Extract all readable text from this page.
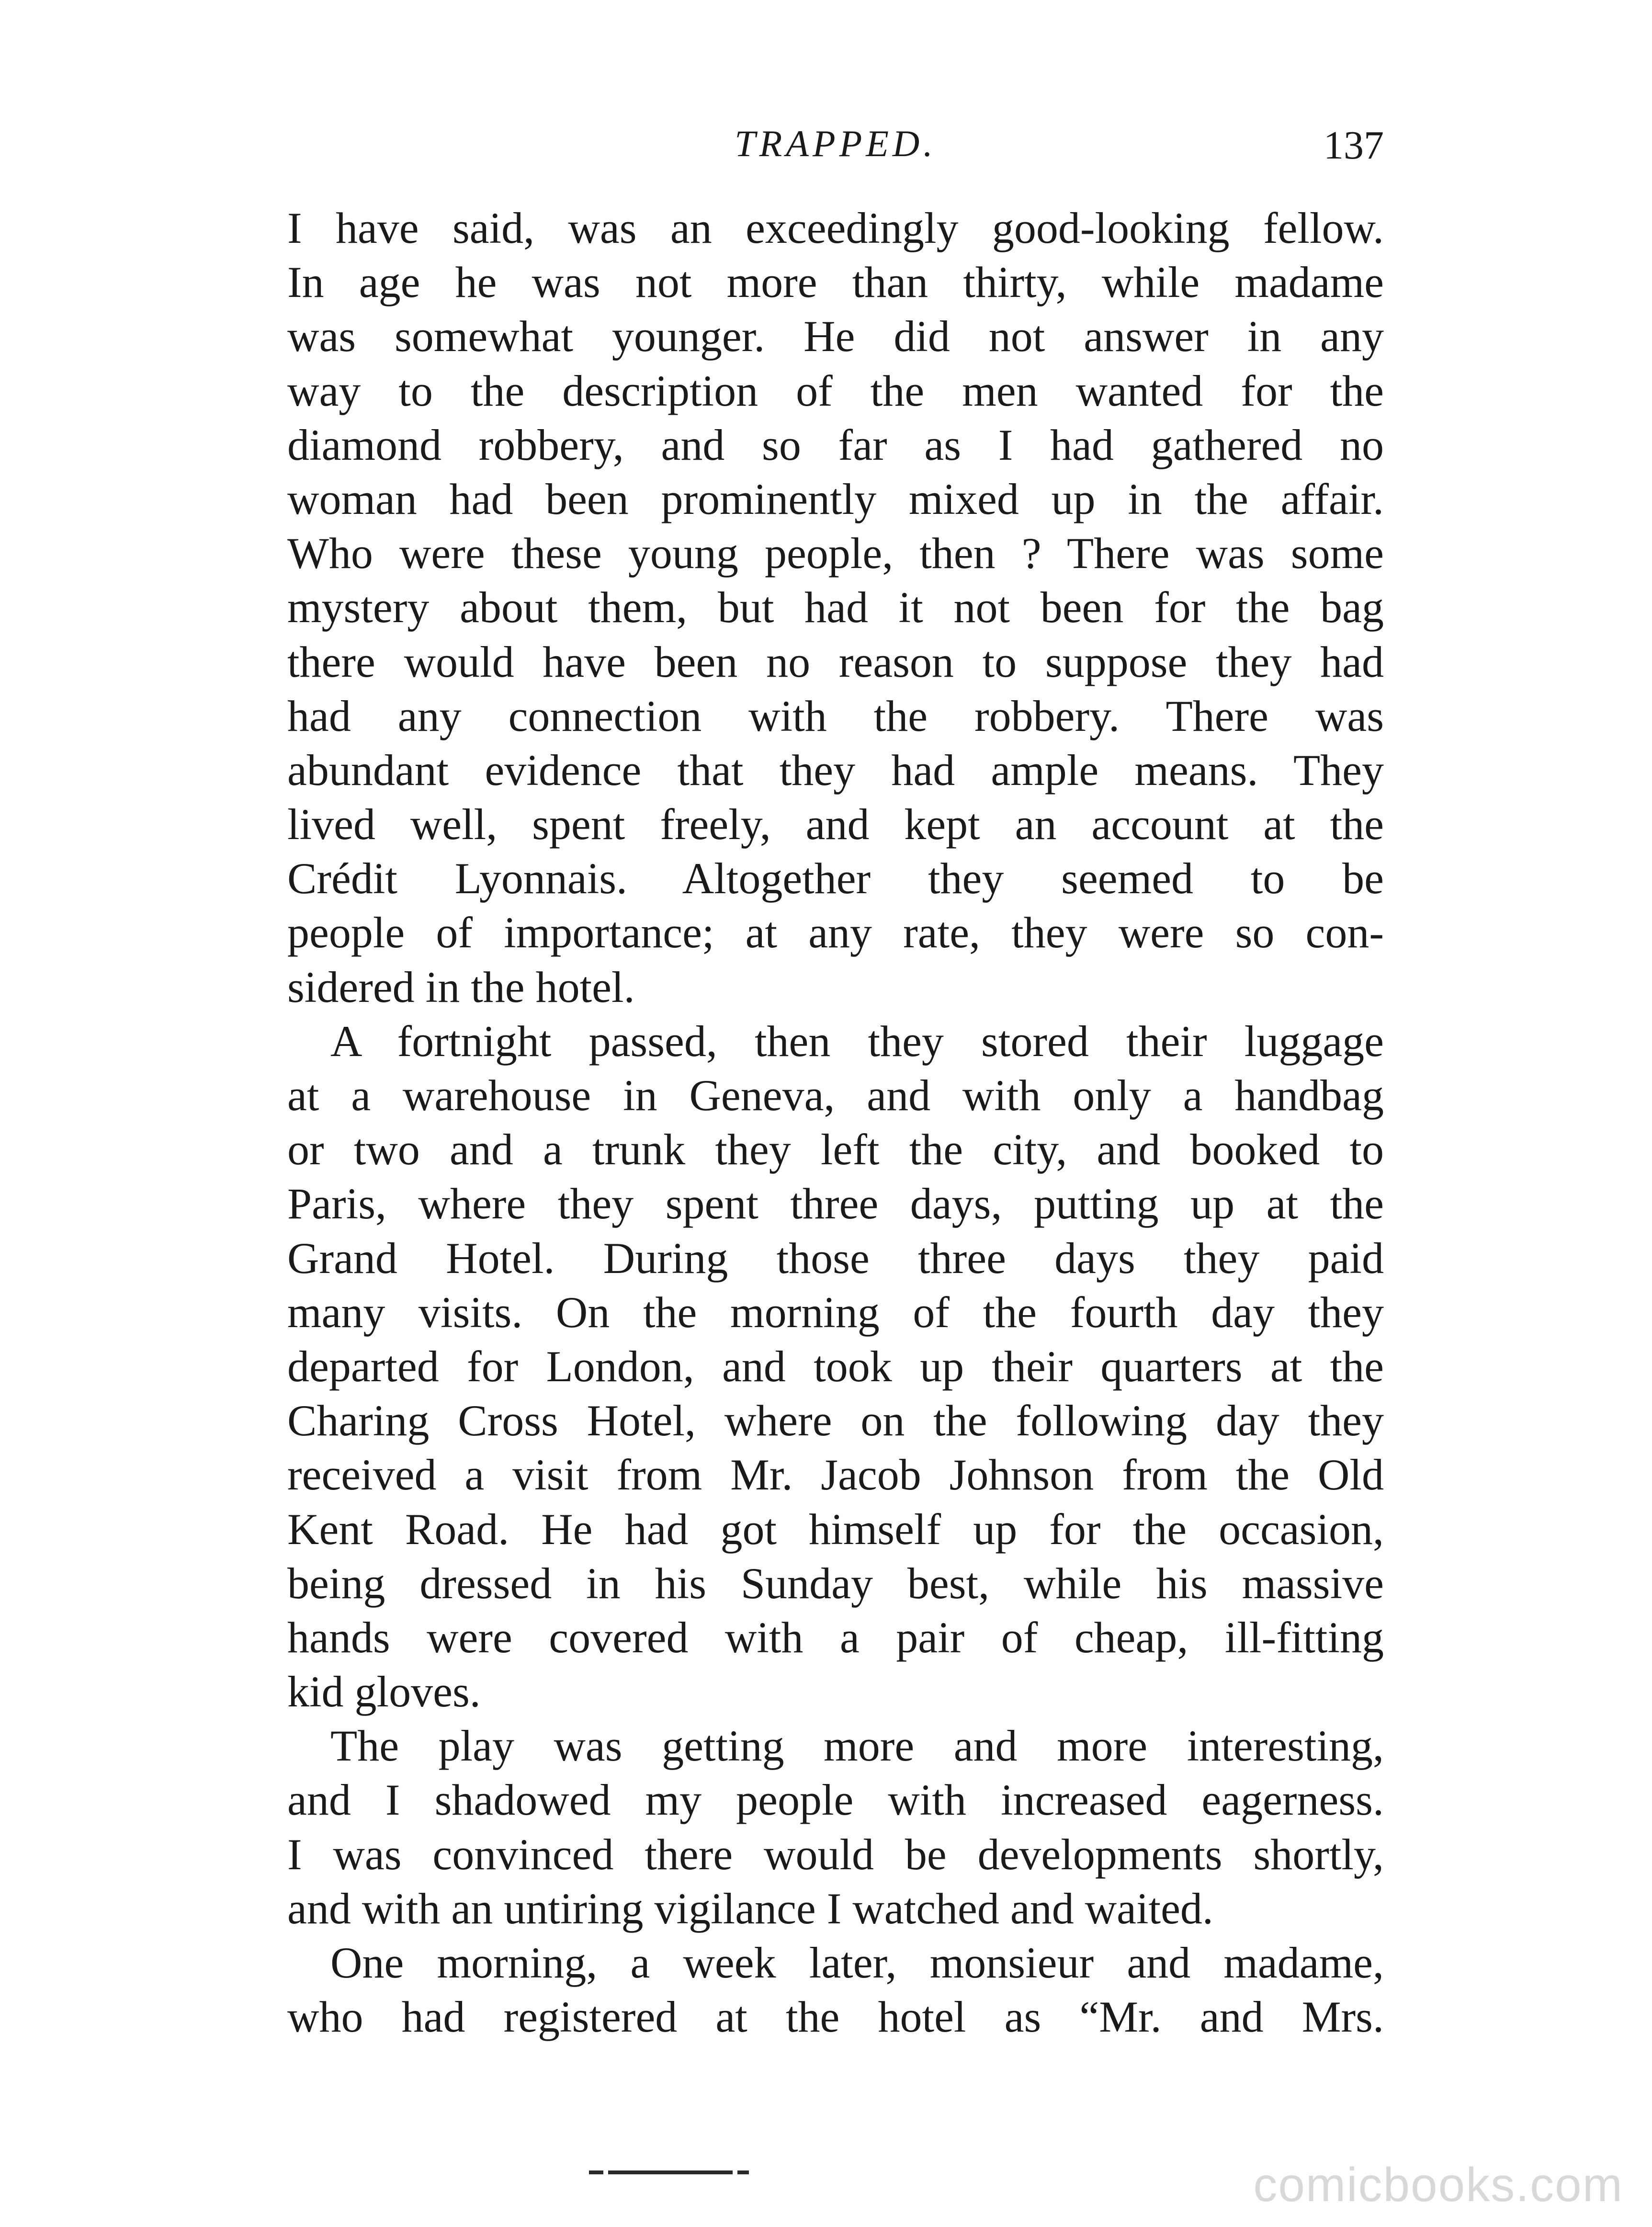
TRAPPED.	137
I have said, was an exceedingly good-looking fellow.
In age he was not more than thirty, while madame
was somewhat younger. He did not answer in any
way to the description of the men wanted for the
diamond robbery, and so far as I had gathered no
woman had been prominently mixed up in the affair.
Who were these young people, then ? There was some
mystery about them, but had it not been for the bag
there would have been no reason to suppose they had
had any connection with the robbery. There was
abundant evidence that they had ample means. They
lived well, spent freely, and kept an account at the
Crédit Lyonnais. Altogether they seemed to be
people of importance; at any rate, they were so con-
sidered in the hotel.
A fortnight passed, then they stored their luggage
at a warehouse in Geneva, and with only a handbag
or two and a trunk they left the city, and booked to
Paris, where they spent three days, putting up at the
Grand Hotel. During those three days they paid
many visits. On the morning of the fourth day they
departed for London, and took up their quarters at the
Charing Cross Hotel, where on the following day they
received a visit from Mr. Jacob Johnson from the Old
Kent Road. He had got himself up for the occasion,
being dressed in his Sunday best, while his massive
hands were covered with a pair of cheap, ill-fitting
kid gloves.
The play was getting more and more interesting,
and I shadowed my people with increased eagerness.
I was convinced there would be developments shortly,
and with an untiring vigilance I watched and waited.
One morning, a week later, monsieur and madame,
who had registered at the hotel as “Mr. and Mrs.
comicbooks.com
